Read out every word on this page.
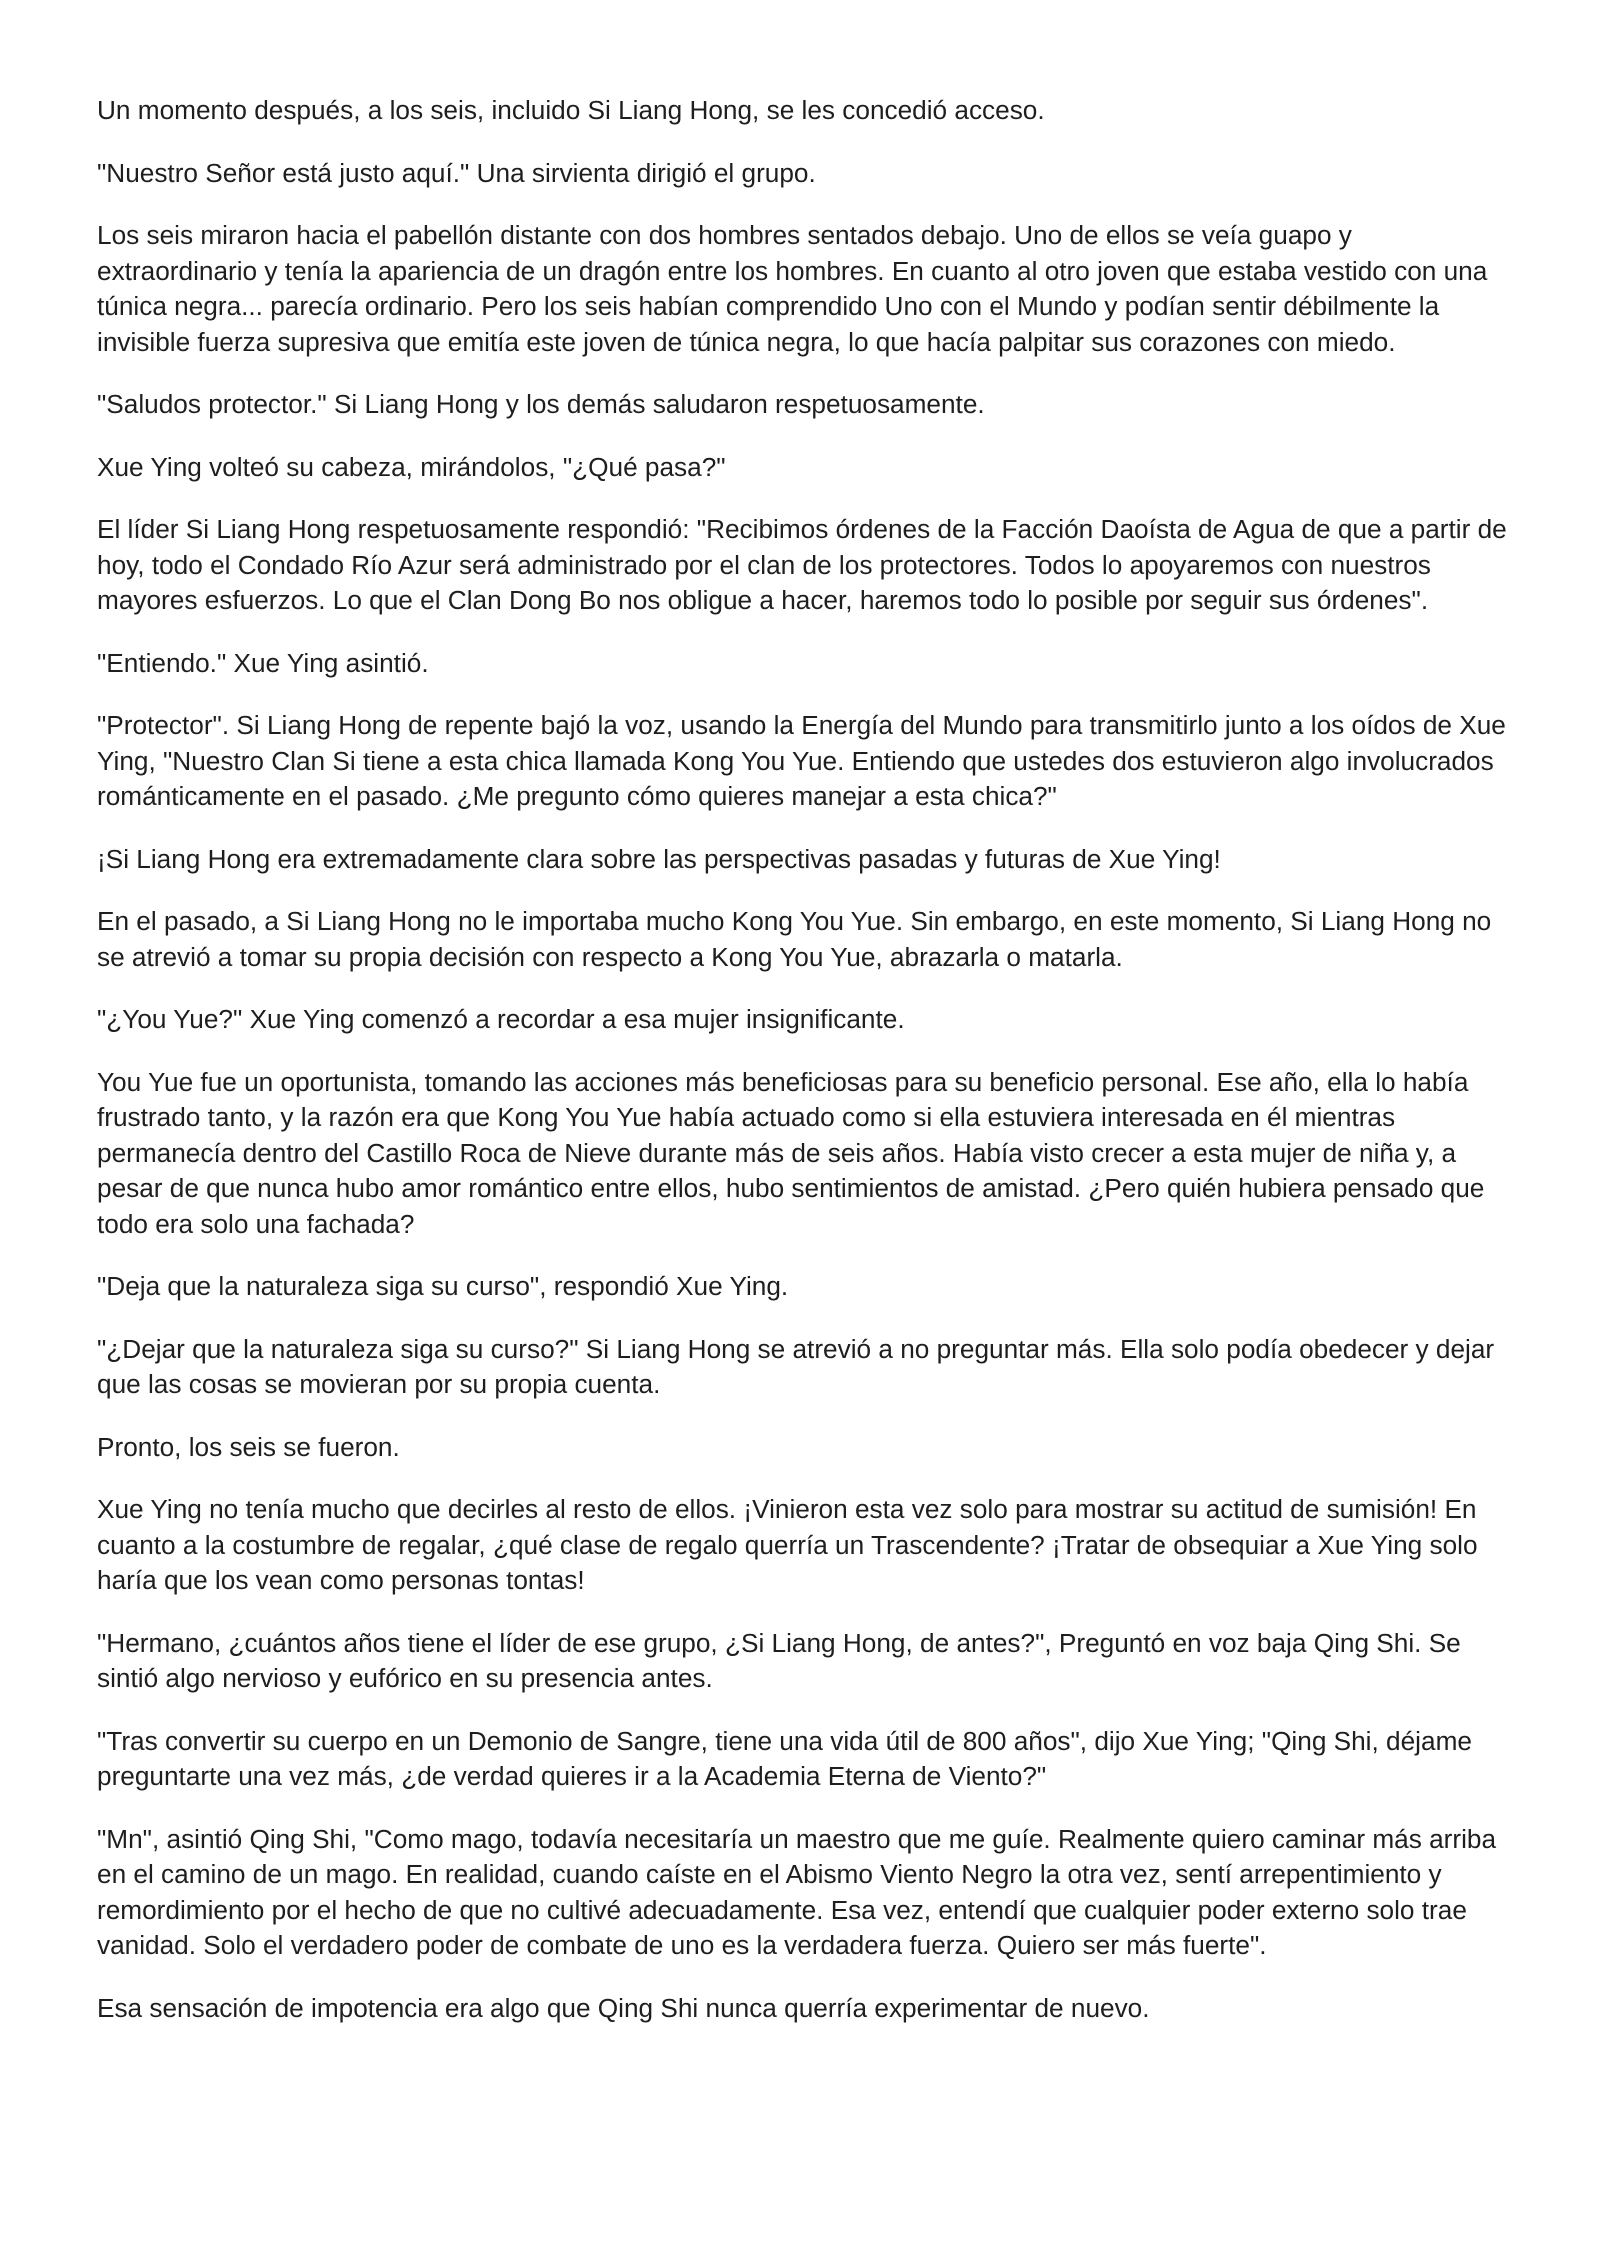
Un momento después, a los seis, incluido Si Liang Hong, se les concedió acceso.

"Nuestro Señor está justo aquí." Una sirvienta dirigió el grupo.

Los seis miraron hacia el pabellón distante con dos hombres sentados debajo. Uno de ellos se veía guapo y extraordinario y tenía la apariencia de un dragón entre los hombres. En cuanto al otro joven que estaba vestido con una túnica negra... parecía ordinario. Pero los seis habían comprendido Uno con el Mundo y podían sentir débilmente la invisible fuerza supresiva que emitía este joven de túnica negra, lo que hacía palpitar sus corazones con miedo.

"Saludos protector." Si Liang Hong y los demás saludaron respetuosamente.

Xue Ying volteó su cabeza, mirándolos, "¿Qué pasa?"

El líder Si Liang Hong respetuosamente respondió: "Recibimos órdenes de la Facción Daoísta de Agua de que a partir de hoy, todo el Condado Río Azur será administrado por el clan de los protectores. Todos lo apoyaremos con nuestros mayores esfuerzos. Lo que el Clan Dong Bo nos obligue a hacer, haremos todo lo posible por seguir sus órdenes".

"Entiendo." Xue Ying asintió.

"Protector". Si Liang Hong de repente bajó la voz, usando la Energía del Mundo para transmitirlo junto a los oídos de Xue Ying, "Nuestro Clan Si tiene a esta chica llamada Kong You Yue. Entiendo que ustedes dos estuvieron algo involucrados románticamente en el pasado. ¿Me pregunto cómo quieres manejar a esta chica?"

¡Si Liang Hong era extremadamente clara sobre las perspectivas pasadas y futuras de Xue Ying!

En el pasado, a Si Liang Hong no le importaba mucho Kong You Yue. Sin embargo, en este momento, Si Liang Hong no se atrevió a tomar su propia decisión con respecto a Kong You Yue, abrazarla o matarla.

"¿You Yue?" Xue Ying comenzó a recordar a esa mujer insignificante.

You Yue fue un oportunista, tomando las acciones más beneficiosas para su beneficio personal. Ese año, ella lo había frustrado tanto, y la razón era que Kong You Yue había actuado como si ella estuviera interesada en él mientras permanecía dentro del Castillo Roca de Nieve durante más de seis años. Había visto crecer a esta mujer de niña y, a pesar de que nunca hubo amor romántico entre ellos, hubo sentimientos de amistad. ¿Pero quién hubiera pensado que todo era solo una fachada?

"Deja que la naturaleza siga su curso", respondió Xue Ying.

"¿Dejar que la naturaleza siga su curso?" Si Liang Hong se atrevió a no preguntar más. Ella solo podía obedecer y dejar que las cosas se movieran por su propia cuenta.

Pronto, los seis se fueron.

Xue Ying no tenía mucho que decirles al resto de ellos. ¡Vinieron esta vez solo para mostrar su actitud de sumisión! En cuanto a la costumbre de regalar, ¿qué clase de regalo querría un Trascendente? ¡Tratar de obsequiar a Xue Ying solo haría que los vean como personas tontas!

"Hermano, ¿cuántos años tiene el líder de ese grupo, ¿Si Liang Hong, de antes?", Preguntó en voz baja Qing Shi. Se sintió algo nervioso y eufórico en su presencia antes.

"Tras convertir su cuerpo en un Demonio de Sangre, tiene una vida útil de 800 años", dijo Xue Ying; "Qing Shi, déjame preguntarte una vez más, ¿de verdad quieres ir a la Academia Eterna de Viento?"

"Mn", asintió Qing Shi, "Como mago, todavía necesitaría un maestro que me guíe. Realmente quiero caminar más arriba en el camino de un mago. En realidad, cuando caíste en el Abismo Viento Negro la otra vez, sentí arrepentimiento y remordimiento por el hecho de que no cultivé adecuadamente. Esa vez, entendí que cualquier poder externo solo trae vanidad. Solo el verdadero poder de combate de uno es la verdadera fuerza. Quiero ser más fuerte".

Esa sensación de impotencia era algo que Qing Shi nunca querría experimentar de nuevo.
